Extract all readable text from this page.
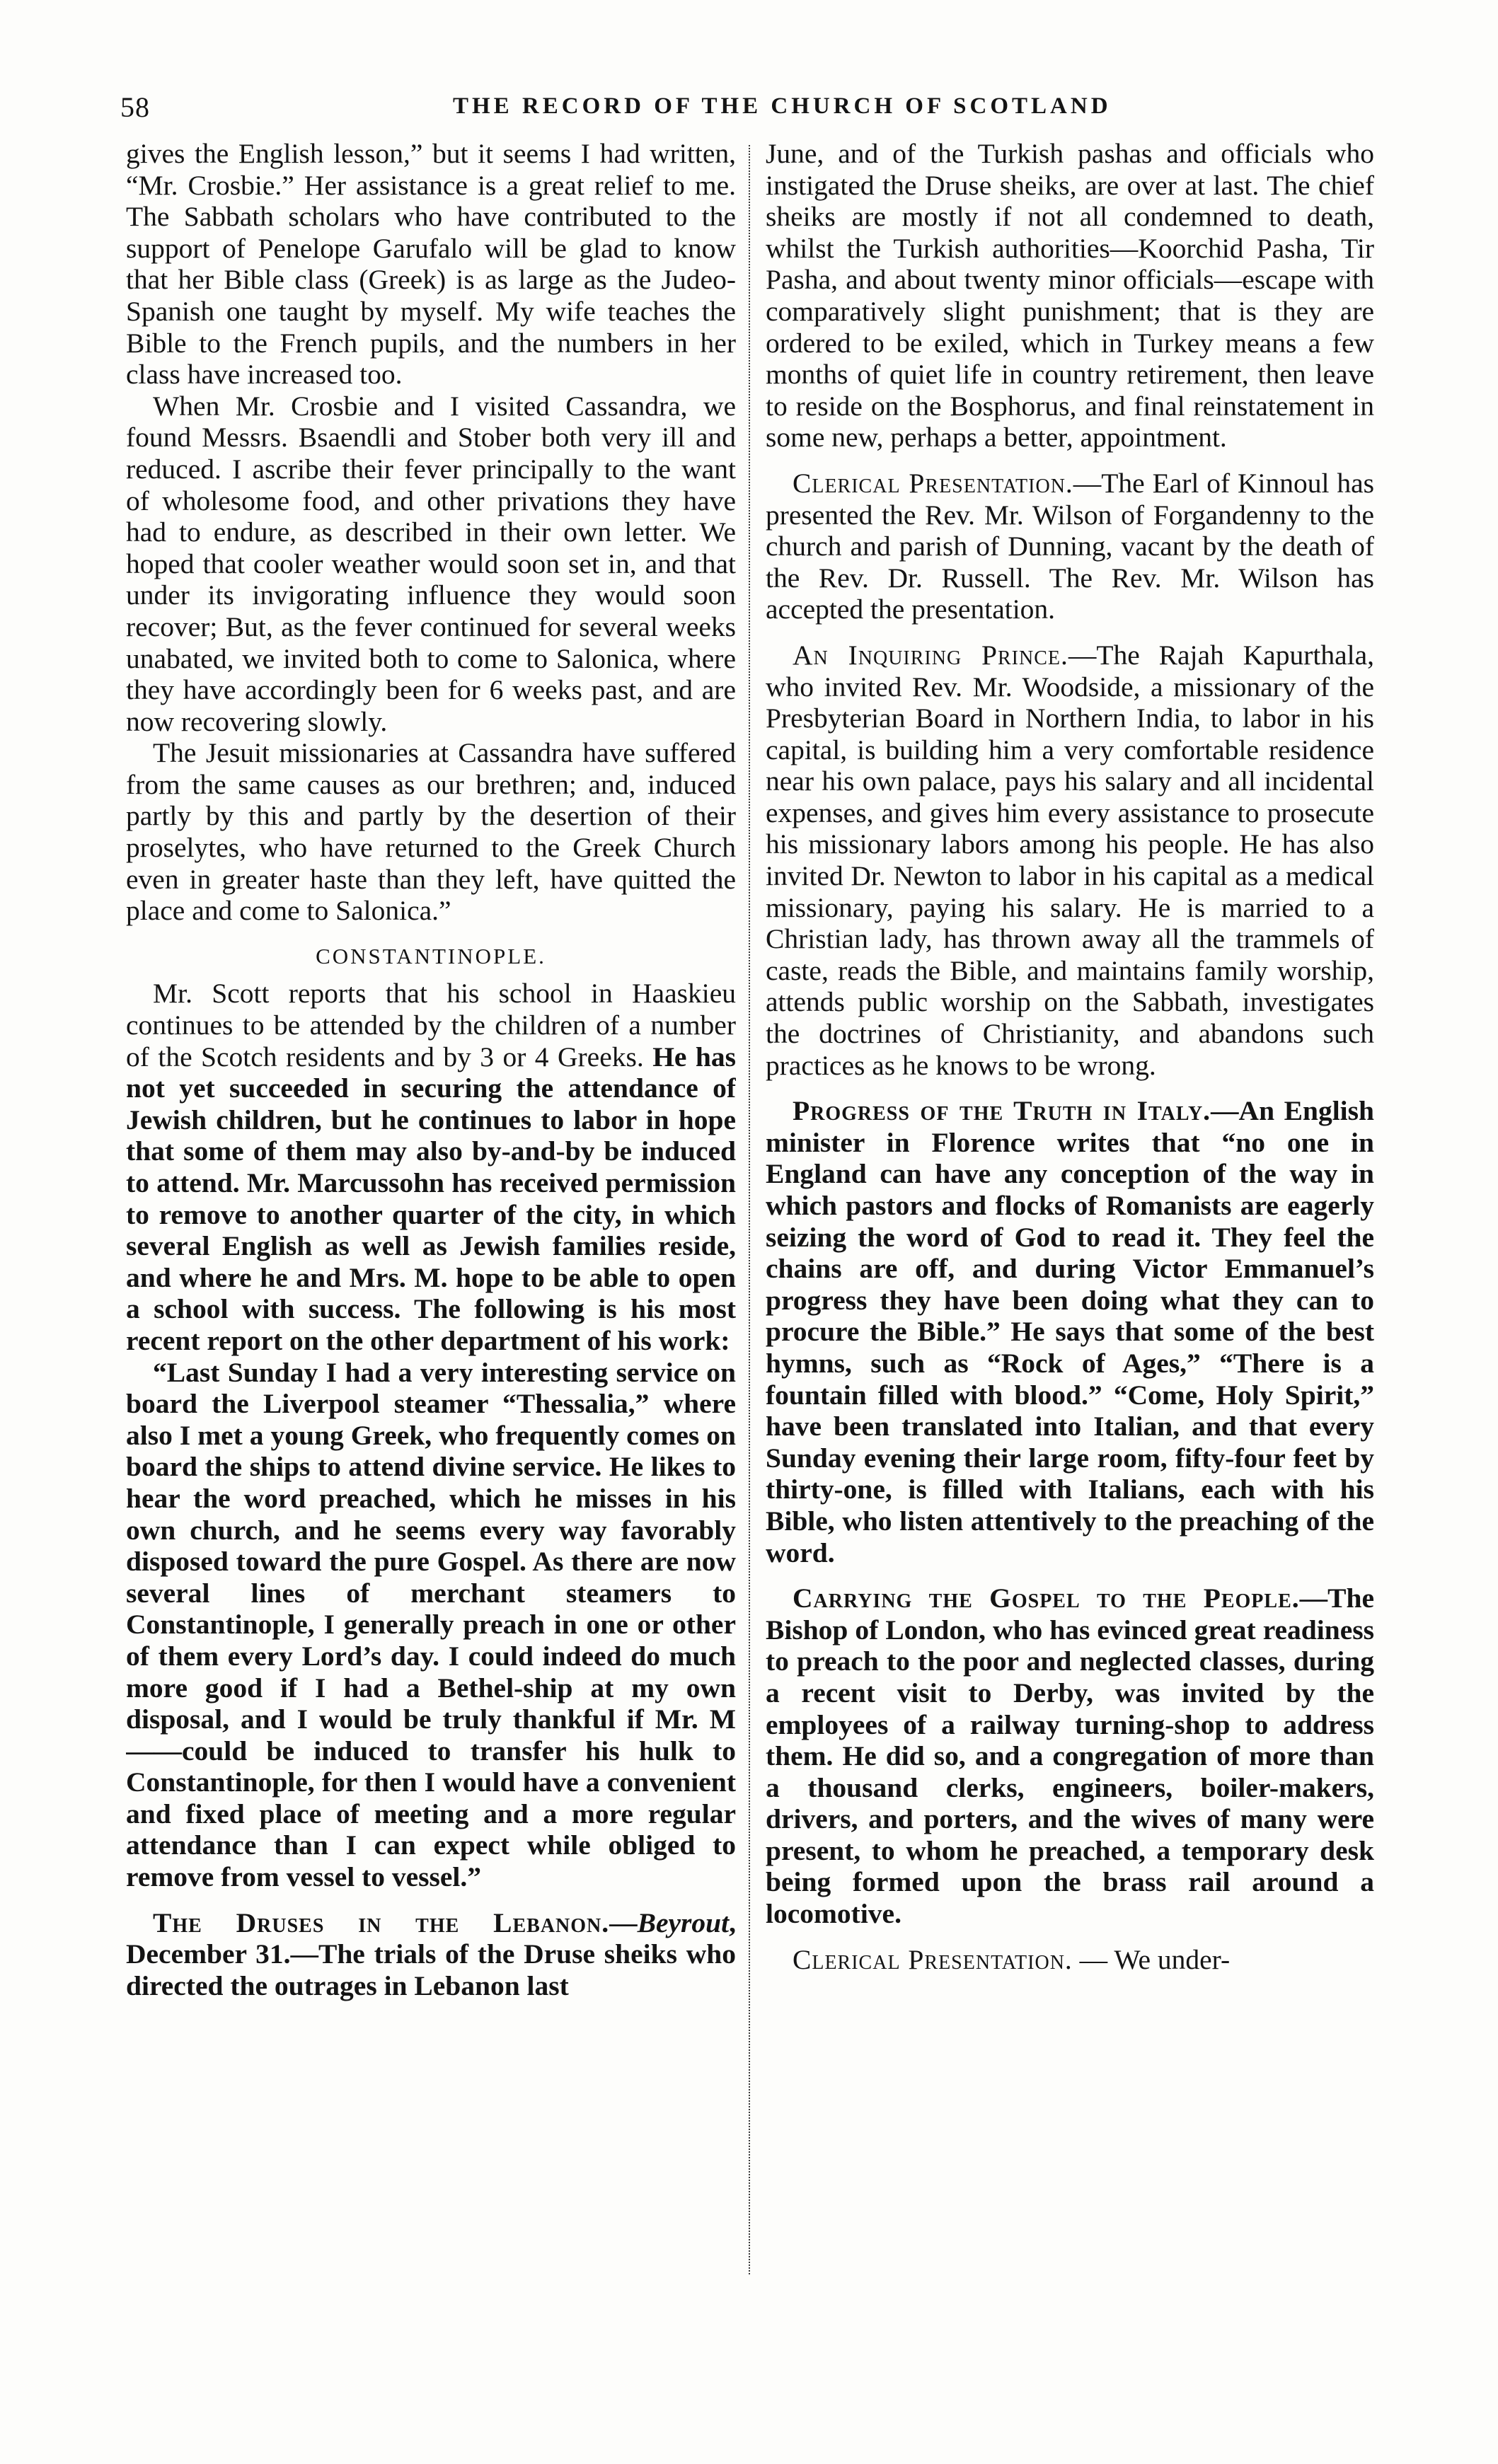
58	THE RECORD OF THE CHURCH OF SCOTLAND

gives the English lesson,” but it seems I had written, “Mr. Crosbie.” Her assistance is a great relief to me. The Sabbath scholars who have contributed to the support of Penelope Garufalo will be glad to know that her Bible class (Greek) is as large as the Judeo-Spanish one taught by myself. My wife teaches the Bible to the French pupils, and the numbers in her class have increased too.

When Mr. Crosbie and I visited Cassandra, we found Messrs. Bsaendli and Stober both very ill and reduced. I ascribe their fever principally to the want of wholesome food, and other privations they have had to endure, as described in their own letter. We hoped that cooler weather would soon set in, and that under its invigorating influence they would soon recover; But, as the fever continued for several weeks unabated, we invited both to come to Salonica, where they have accordingly been for 6 weeks past, and are now recovering slowly.

The Jesuit missionaries at Cassandra have suffered from the same causes as our brethren; and, induced partly by this and partly by the desertion of their proselytes, who have returned to the Greek Church even in greater haste than they left, have quitted the place and come to Salonica.”

CONSTANTINOPLE.

Mr. Scott reports that his school in Haaskieu continues to be attended by the children of a number of the Scotch residents and by 3 or 4 Greeks. He has not yet succeeded in securing the attendance of Jewish children, but he continues to labor in hope that some of them may also by-and-by be induced to attend. Mr. Marcussohn has received permission to remove to another quarter of the city, in which several English as well as Jewish families reside, and where he and Mrs. M. hope to be able to open a school with success. The following is his most recent report on the other department of his work:

“Last Sunday I had a very interesting service on board the Liverpool steamer “Thessalia,” where also I met a young Greek, who frequently comes on board the ships to attend divine service. He likes to hear the word preached, which he misses in his own church, and he seems every way favorably disposed toward the pure Gospel. As there are now several lines of merchant steamers to Constantinople, I generally preach in one or other of them every Lord’s day. I could indeed do much more good if I had a Bethel-ship at my own disposal, and I would be truly thankful if Mr. M——could be induced to transfer his hulk to Constantinople, for then I would have a convenient and fixed place of meeting and a more regular attendance than I can expect while obliged to remove from vessel to vessel.”

The Druses in the Lebanon.—Beyrout, December 31.—The trials of the Druse sheiks who directed the outrages in Lebanon last

June, and of the Turkish pashas and officials who instigated the Druse sheiks, are over at last. The chief sheiks are mostly if not all condemned to death, whilst the Turkish authorities—Koorchid Pasha, Tir Pasha, and about twenty minor officials—escape with comparatively slight punishment; that is they are ordered to be exiled, which in Turkey means a few months of quiet life in country retirement, then leave to reside on the Bosphorus, and final reinstatement in some new, perhaps a better, appointment.

Clerical Presentation.—The Earl of Kinnoul has presented the Rev. Mr. Wilson of Forgandenny to the church and parish of Dunning, vacant by the death of the Rev. Dr. Russell. The Rev. Mr. Wilson has accepted the presentation.

An Inquiring Prince.—The Rajah Kapurthala, who invited Rev. Mr. Woodside, a missionary of the Presbyterian Board in Northern India, to labor in his capital, is building him a very comfortable residence near his own palace, pays his salary and all incidental expenses, and gives him every assistance to prosecute his missionary labors among his people. He has also invited Dr. Newton to labor in his capital as a medical missionary, paying his salary. He is married to a Christian lady, has thrown away all the trammels of caste, reads the Bible, and maintains family worship, attends public worship on the Sabbath, investigates the doctrines of Christianity, and abandons such practices as he knows to be wrong.

Progress of the Truth in Italy.—An English minister in Florence writes that “no one in England can have any conception of the way in which pastors and flocks of Romanists are eagerly seizing the word of God to read it. They feel the chains are off, and during Victor Emmanuel’s progress they have been doing what they can to procure the Bible.” He says that some of the best hymns, such as “Rock of Ages,” “There is a fountain filled with blood.” “Come, Holy Spirit,” have been translated into Italian, and that every Sunday evening their large room, fifty-four feet by thirty-one, is filled with Italians, each with his Bible, who listen attentively to the preaching of the word.

Carrying the Gospel to the People.—The Bishop of London, who has evinced great readiness to preach to the poor and neglected classes, during a recent visit to Derby, was invited by the employees of a railway turning-shop to address them. He did so, and a congregation of more than a thousand clerks, engineers, boiler-makers, drivers, and porters, and the wives of many were present, to whom he preached, a temporary desk being formed upon the brass rail around a locomotive.

Clerical Presentation. — We under-
